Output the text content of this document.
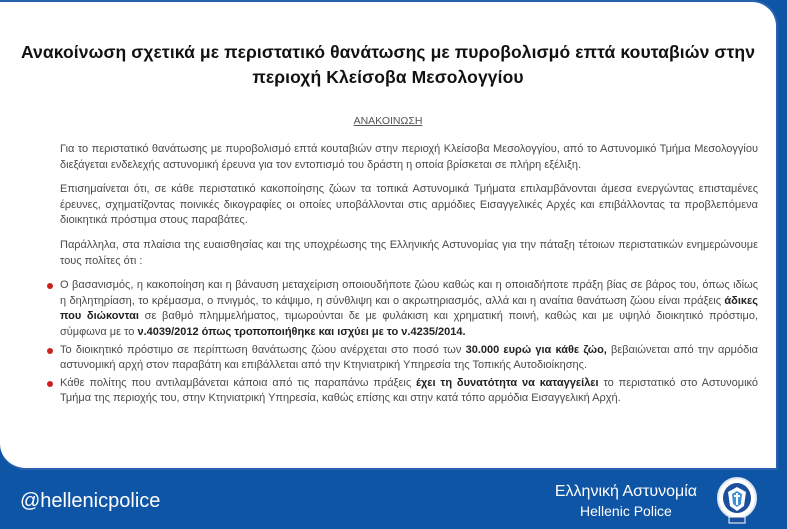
Ανακοίνωση σχετικά με περιστατικό θανάτωσης με πυροβολισμό επτά κουταβιών στην περιοχή Κλείσοβα Μεσολογγίου
ΑΝΑΚΟΙΝΩΣΗ

Για το περιστατικό θανάτωσης με πυροβολισμό επτά κουταβιών στην περιοχή Κλείσοβα Μεσολογγίου, από το Αστυνομικό Τμήμα Μεσολογγίου διεξάγεται ενδελεχής αστυνομική έρευνα για τον εντοπισμό του δράστη η οποία βρίσκεται σε πλήρη εξέλιξη.

Επισημαίνεται ότι, σε κάθε περιστατικό κακοποίησης ζώων τα τοπικά Αστυνομικά Τμήματα επιλαμβάνονται άμεσα ενεργώντας επισταμένες έρευνες, σχηματίζοντας ποινικές δικογραφίες οι οποίες υποβάλλονται στις αρμόδιες Εισαγγελικές Αρχές και επιβάλλοντας τα προβλεπόμενα διοικητικά πρόστιμα στους παραβάτες.

Παράλληλα, στα πλαίσια της ευαισθησίας και της υποχρέωσης της Ελληνικής Αστυνομίας για την πάταξη τέτοιων περιστατικών ενημερώνουμε τους πολίτες ότι :

Ο βασανισμός, η κακοποίηση και η βάναυση μεταχείριση οποιουδήποτε ζώου καθώς και η οποιαδήποτε πράξη βίας σε βάρος του, όπως ιδίως η δηλητηρίαση, το κρέμασμα, ο πνιγμός, το κάψιμο, η σύνθλιψη και ο ακρωτηριασμός, αλλά και η αναίτια θανάτωση ζώου είναι πράξεις άδικες που διώκονται σε βαθμό πλημμελήματος, τιμωρούνται δε με φυλάκιση και χρηματική ποινή, καθώς και με υψηλό διοικητικό πρόστιμο, σύμφωνα με το ν.4039/2012 όπως τροποποιήθηκε και ισχύει με το ν.4235/2014.
Το διοικητικό πρόστιμο σε περίπτωση θανάτωσης ζώου ανέρχεται στο ποσό των 30.000 ευρώ για κάθε ζώο, βεβαιώνεται από την αρμόδια αστυνομική αρχή στον παραβάτη και επιβάλλεται από την Κτηνιατρική Υπηρεσία της Τοπικής Αυτοδιοίκησης.
Κάθε πολίτης που αντιλαμβάνεται κάποια από τις παραπάνω πράξεις έχει τη δυνατότητα να καταγγείλει το περιστατικό στο Αστυνομικό Τμήμα της περιοχής του, στην Κτηνιατρική Υπηρεσία, καθώς επίσης και στην κατά τόπο αρμόδια Εισαγγελική Αρχή.
@hellenicpolice	Ελληνική Αστυνομία
Hellenic Police
